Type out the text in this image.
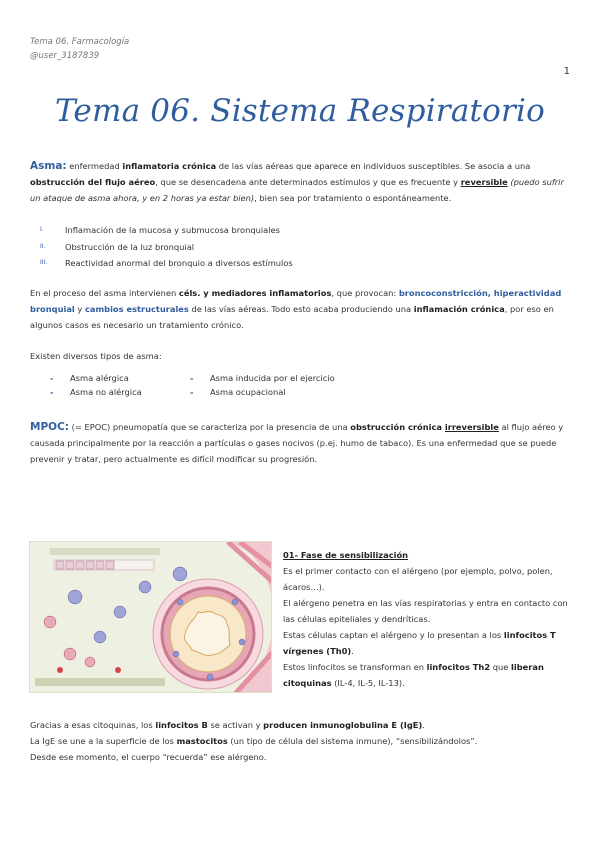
Tema 06. Farmacología
@user_3187839
1
Tema 06. Sistema Respiratorio
Asma: enfermedad inflamatoria crónica de las vías aéreas que aparece en individuos susceptibles. Se asocia a una obstrucción del flujo aéreo, que se desencadena ante determinados estímulos y que es frecuente y reversible (puedo sufrir un ataque de asma ahora, y en 2 horas ya estar bien), bien sea por tratamiento o espontáneamente.
I.	Inflamación de la mucosa y submucosa bronquiales
II.	Obstrucción de la luz bronquial
III.	Reactividad anormal del bronquio a diversos estímulos
En el proceso del asma intervienen céls. y mediadores inflamatorios, que provocan: broncoconstricción, hiperactividad bronquial y cambios estructurales de las vías aéreas. Todo esto acaba produciendo una inflamación crónica, por eso en algunos casos es necesario un tratamiento crónico.
Existen diversos tipos de asma:
- Asma alérgica	- Asma inducida por el ejercicio
- Asma no alérgica	- Asma ocupacional
MPOC: (= EPOC) pneumopatía que se caracteriza por la presencia de una obstrucción crónica irreversible al flujo aéreo y causada principalmente por la reacción a partículas o gases nocivos (p.ej. humo de tabaco). Es una enfermedad que se puede prevenir y tratar, pero actualmente es difícil modificar su progresión.
01- Fase de sensibilización
Es el primer contacto con el alérgeno (por ejemplo, polvo, polen, ácaros…).
El alérgeno penetra en las vías respiratorias y entra en contacto con las células epiteliales y dendríticas.
Estas células captan el alérgeno y lo presentan a los linfocitos T vírgenes (Th0).
Estos linfocitos se transforman en linfocitos Th2 que liberan citoquinas (IL-4, IL-5, IL-13).
Gracias a esas citoquinas, los linfocitos B se activan y producen inmunoglobulina E (IgE).
La IgE se une a la superficie de los mastocitos (un tipo de célula del sistema inmune), “sensibilizándolos”.
Desde ese momento, el cuerpo “recuerda” ese alérgeno.
